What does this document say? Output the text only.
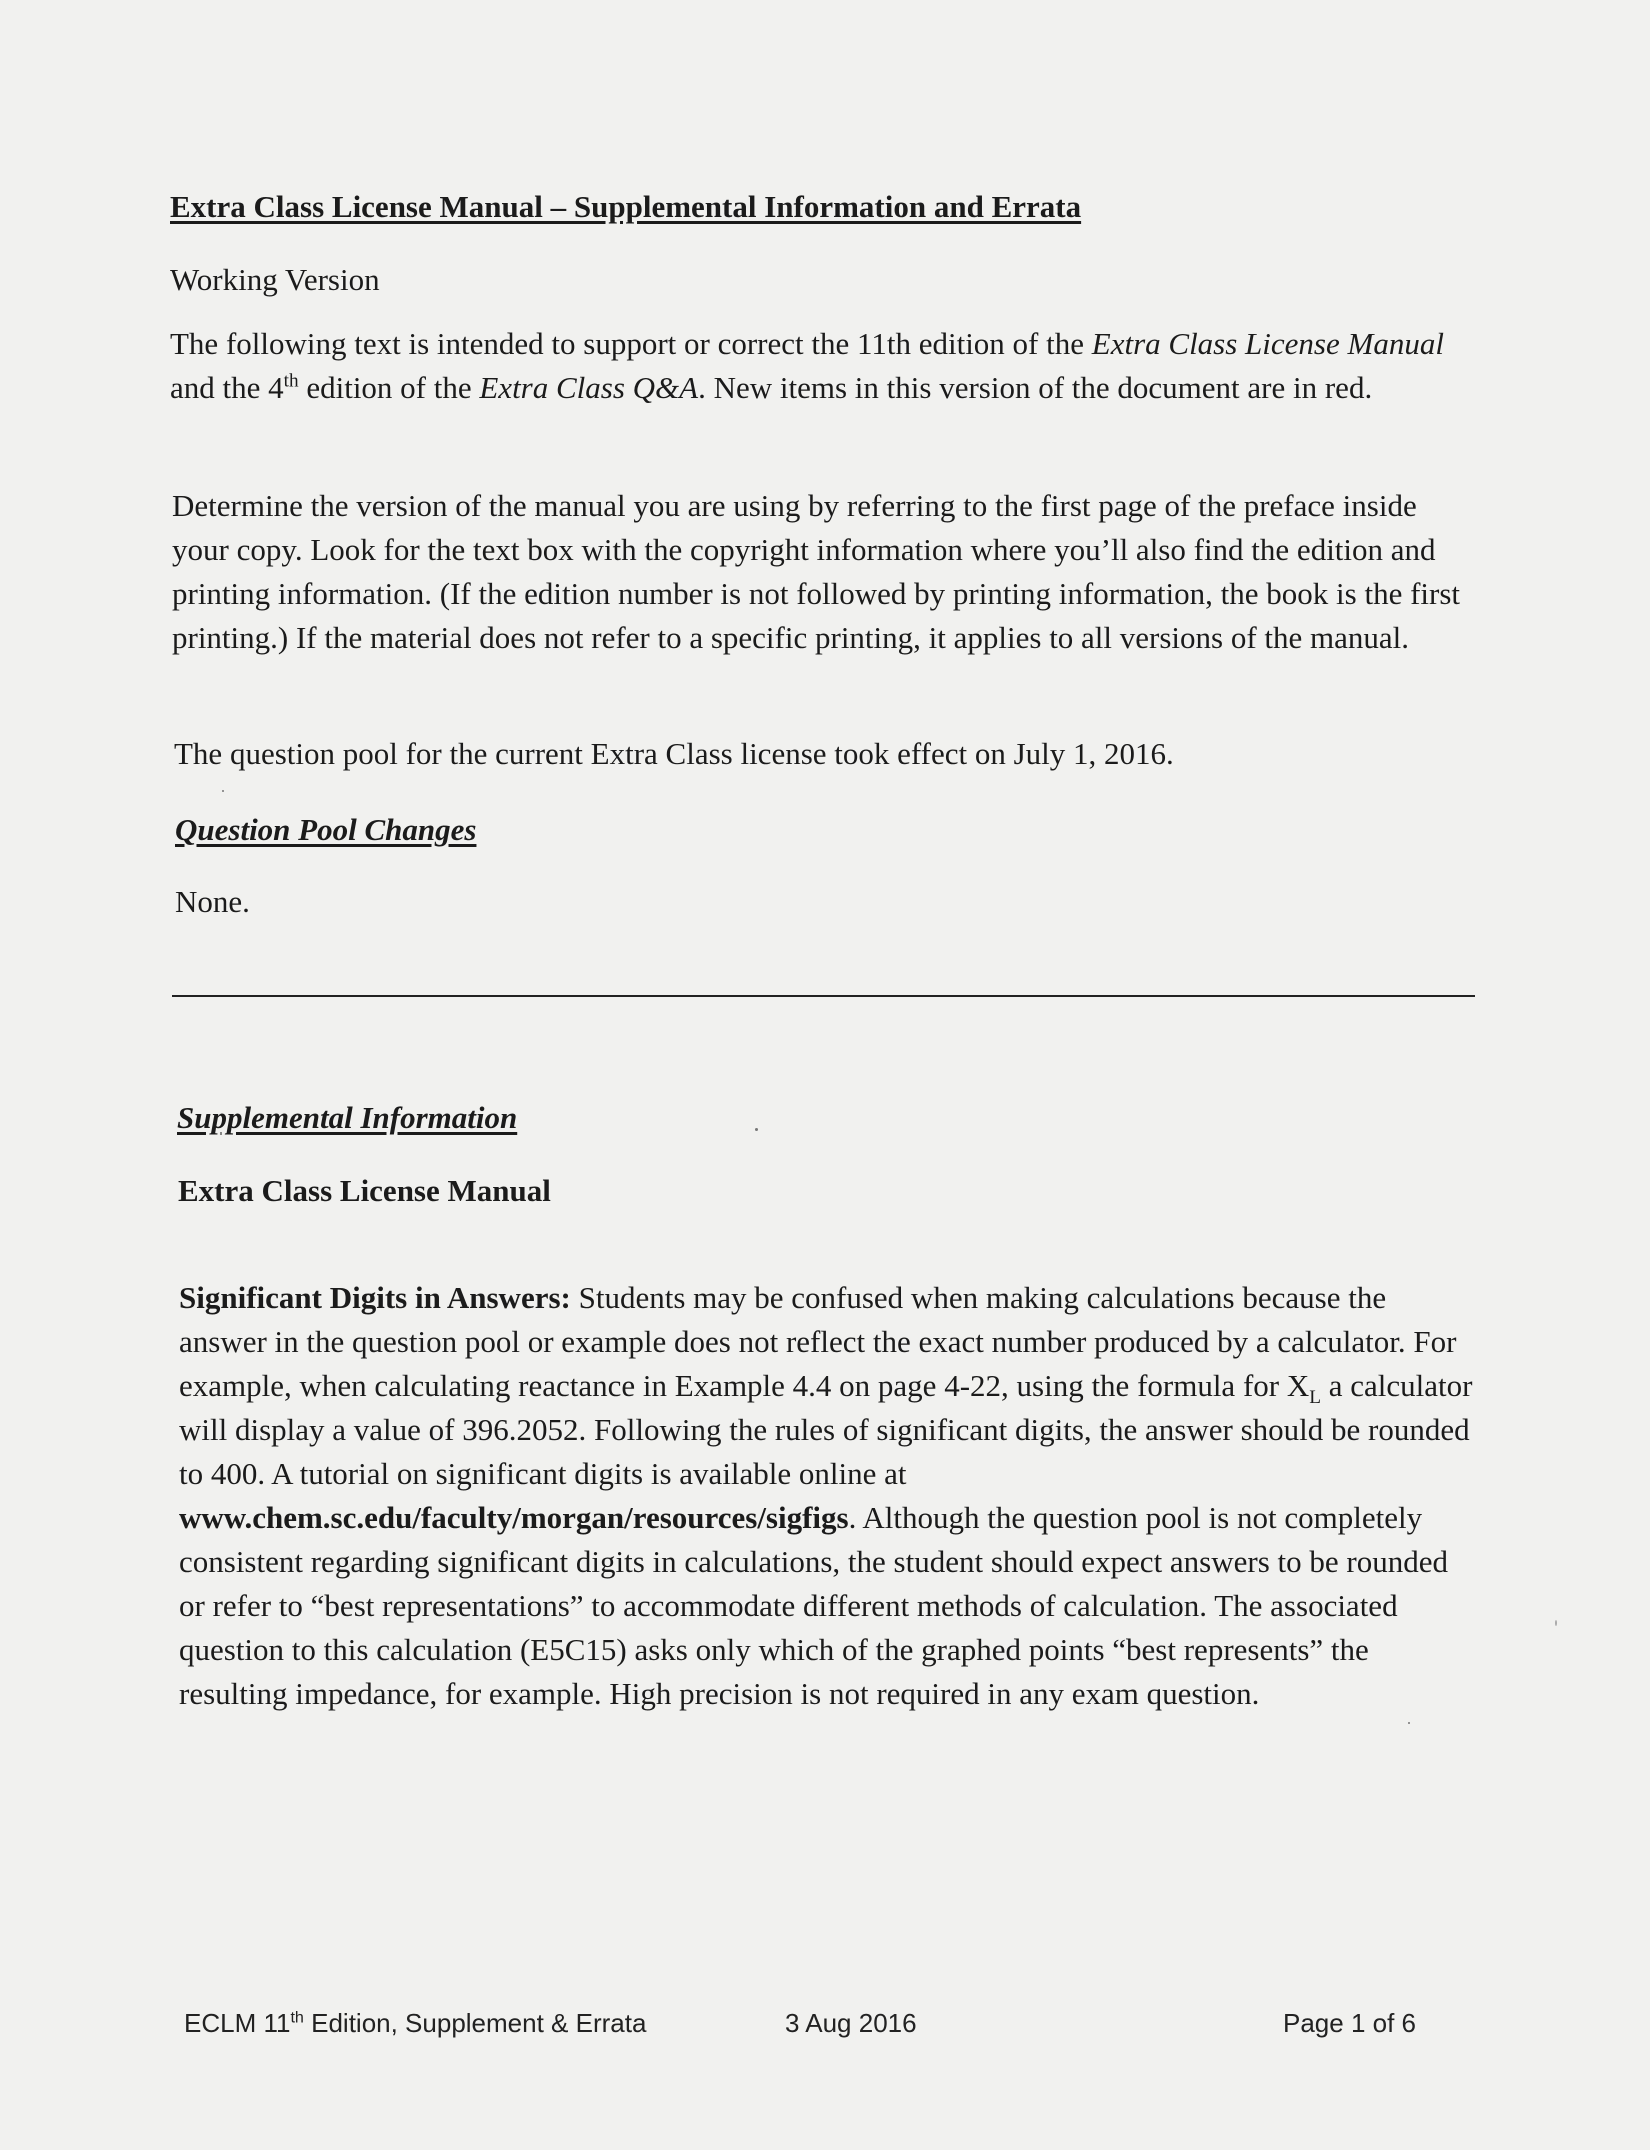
Extra Class License Manual – Supplemental Information and Errata
Working Version

The following text is intended to support or correct the 11th edition of the Extra Class License Manual and the 4th edition of the Extra Class Q&A. New items in this version of the document are in red.

Determine the version of the manual you are using by referring to the first page of the preface inside your copy. Look for the text box with the copyright information where you’ll also find the edition and printing information. (If the edition number is not followed by printing information, the book is the first printing.) If the material does not refer to a specific printing, it applies to all versions of the manual.

The question pool for the current Extra Class license took effect on July 1, 2016.

Question Pool Changes
None.
Supplemental Information
Extra Class License Manual

Significant Digits in Answers: Students may be confused when making calculations because the answer in the question pool or example does not reflect the exact number produced by a calculator. For example, when calculating reactance in Example 4.4 on page 4-22, using the formula for $X_L$ a calculator will display a value of 396.2052. Following the rules of significant digits, the answer should be rounded to 400. A tutorial on significant digits is available online at www.chem.sc.edu/faculty/morgan/resources/sigfigs. Although the question pool is not completely consistent regarding significant digits in calculations, the student should expect answers to be rounded or refer to “best representations” to accommodate different methods of calculation. The associated question to this calculation (E5C15) asks only which of the graphed points “best represents” the resulting impedance, for example. High precision is not required in any exam question.

ECLM 11th Edition, Supplement & Errata	3 Aug 2016	Page 1 of 6
